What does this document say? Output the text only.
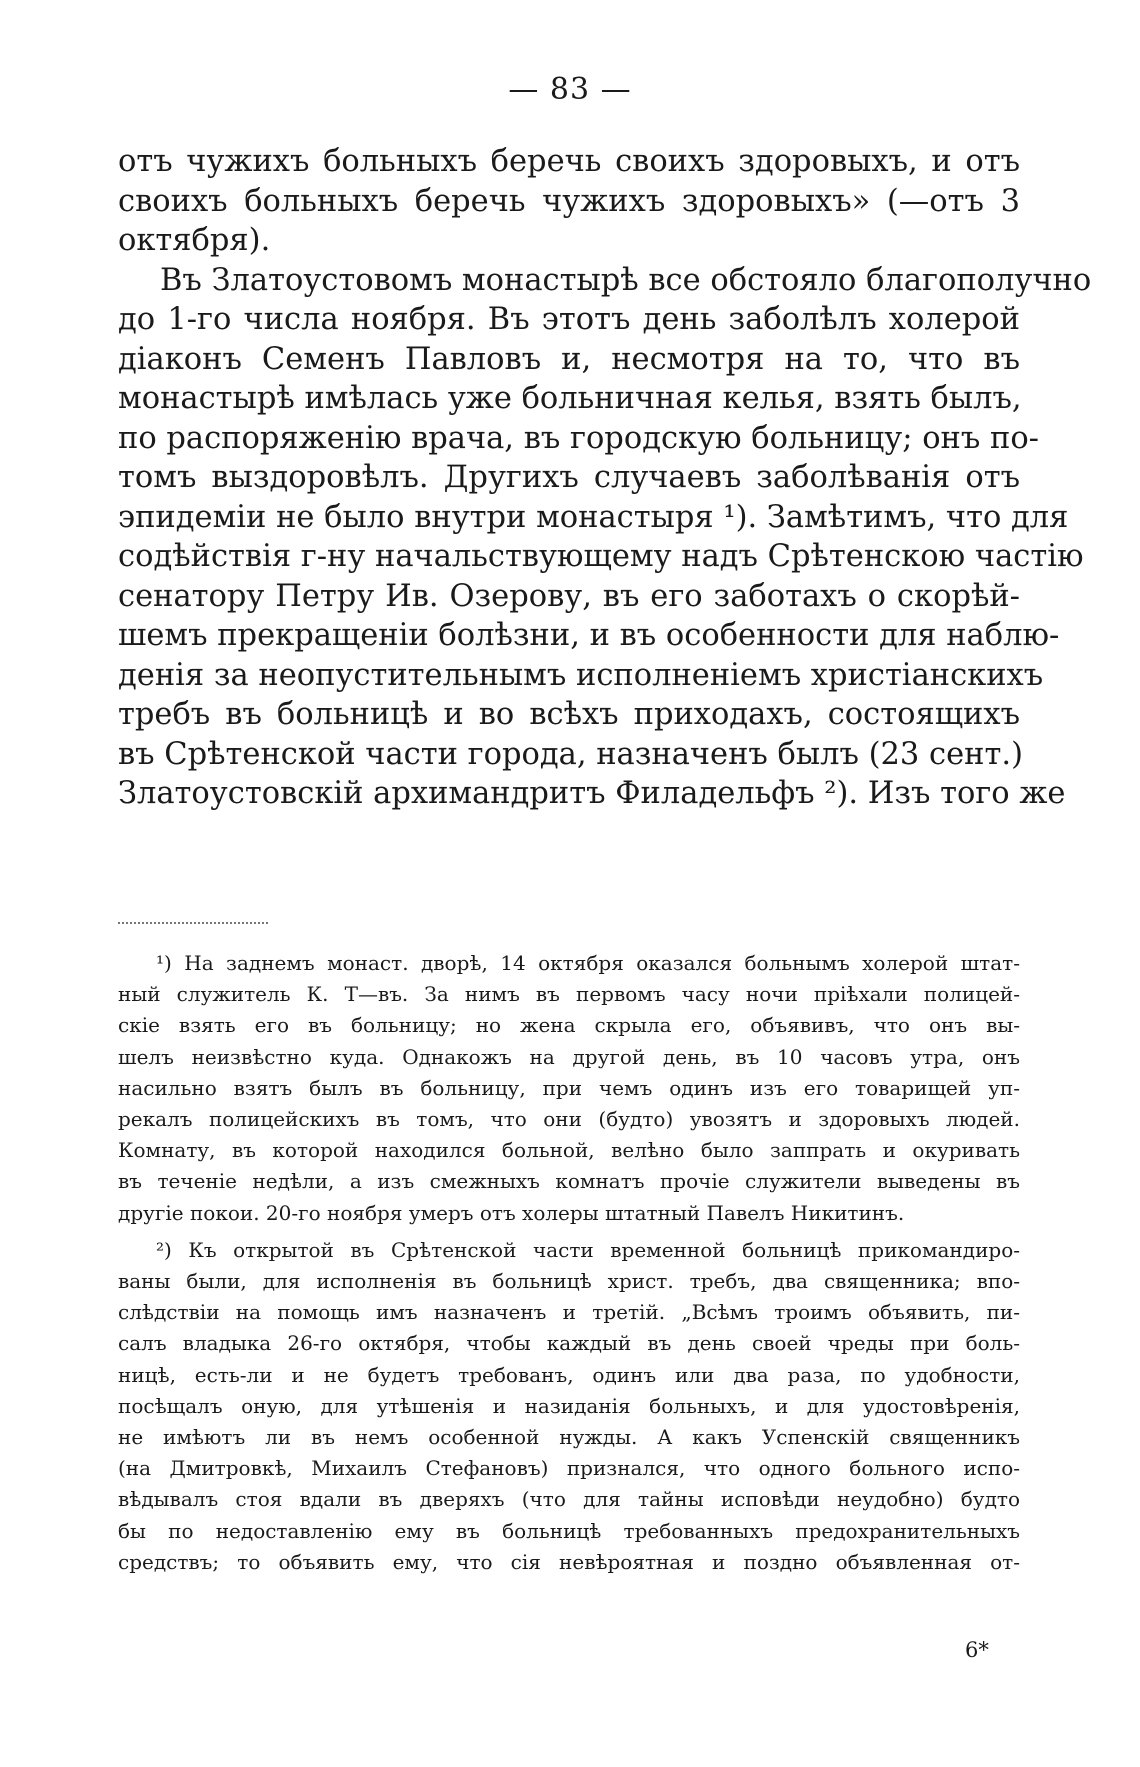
— 83 —
отъ чужихъ больныхъ беречь своихъ здоровыхъ, и отъ
своихъ больныхъ беречь чужихъ здоровыхъ» (—отъ 3
октября).
Въ Златоустовомъ монастырѣ все обстояло благополучно
до 1-го числа ноября. Въ этотъ день заболѣлъ холерой
діаконъ Семенъ Павловъ и, несмотря на то, что въ
монастырѣ имѣлась уже больничная келья, взять былъ,
по распоряженію врача, въ городскую больницу; онъ по-
томъ выздоровѣлъ. Другихъ случаевъ заболѣванія отъ
эпидеміи не было внутри монастыря ¹). Замѣтимъ, что для
содѣйствія г-ну начальствующему надъ Срѣтенскою частію
сенатору Петру Ив. Озерову, въ его заботахъ о скорѣй-
шемъ прекращеніи болѣзни, и въ особенности для наблю-
денія за неопустительнымъ исполненіемъ христіанскихъ
требъ въ больницѣ и во всѣхъ приходахъ, состоящихъ
въ Срѣтенской части города, назначенъ былъ (23 сент.)
Златоустовскій архимандритъ Филадельфъ ²). Изъ того же
¹) На заднемъ монаст. дворѣ, 14 октября оказался больнымъ холерой штат-
ный служитель К. Т—въ. За нимъ въ первомъ часу ночи пріѣхали полицей-
скіе взять его въ больницу; но жена скрыла его, объявивъ, что онъ вы-
шелъ неизвѣстно куда. Однакожъ на другой день, въ 10 часовъ утра, онъ
насильно взятъ былъ въ больницу, при чемъ одинъ изъ его товарищей уп-
рекалъ полицейскихъ въ томъ, что они (будто) увозятъ и здоровыхъ людей.
Комнату, въ которой находился больной, велѣно было заппрать и окуривать
въ теченіе недѣли, а изъ смежныхъ комнатъ прочіе служители выведены въ
другіе покои. 20-го ноября умеръ отъ холеры штатный Павелъ Никитинъ.
²) Къ открытой въ Срѣтенской части временной больницѣ прикомандиро-
ваны были, для исполненія въ больницѣ христ. требъ, два священника; впо-
слѣдствіи на помощь имъ назначенъ и третій. „Всѣмъ троимъ объявить, пи-
салъ владыка 26-го октября, чтобы каждый въ день своей чреды при боль-
ницѣ, есть-ли и не будетъ требованъ, одинъ или два раза, по удобности,
посѣщалъ оную, для утѣшенія и назиданія больныхъ, и для удостовѣренія,
не имѣютъ ли въ немъ особенной нужды. А какъ Успенскій священникъ
(на Дмитровкѣ, Михаилъ Стефановъ) признался, что одного больного испо-
вѣдывалъ стоя вдали въ дверяхъ (что для тайны исповѣди неудобно) будто
бы по недоставленію ему въ больницѣ требованныхъ предохранительныхъ
средствъ; то объявить ему, что сія невѣроятная и поздно объявленная от-
6*
